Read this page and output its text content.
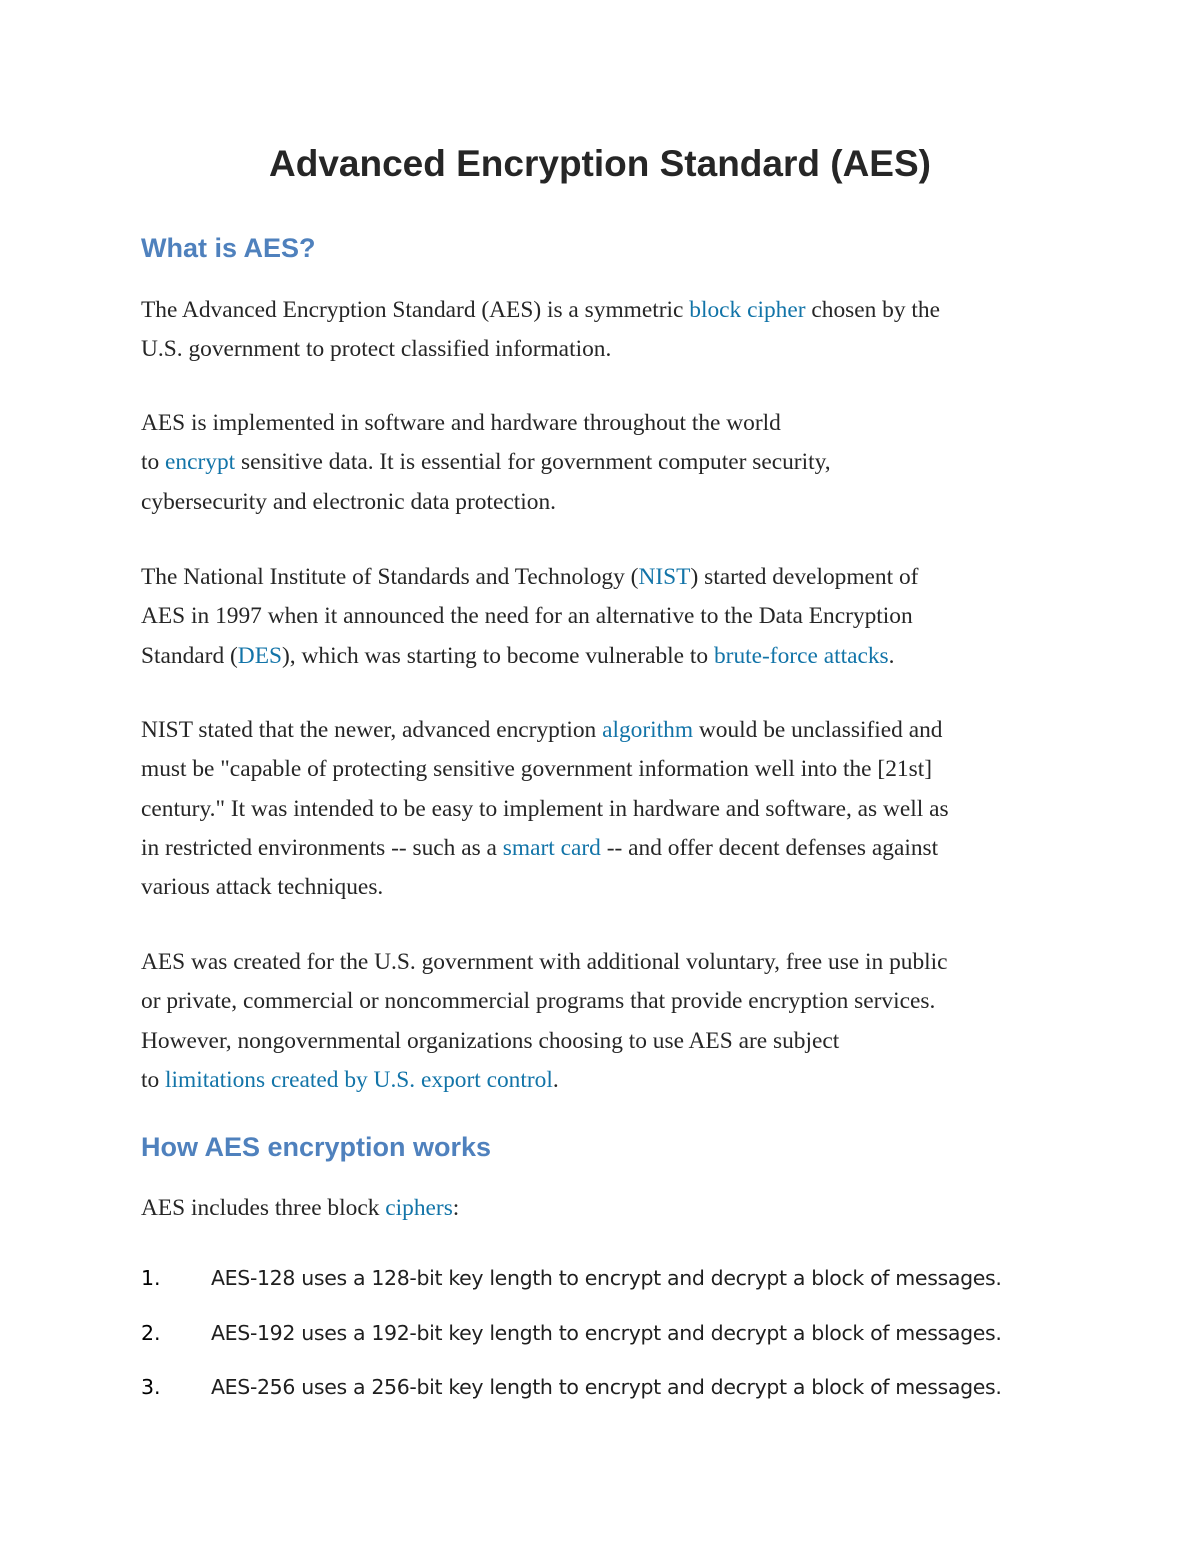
Advanced Encryption Standard (AES)
What is AES?

The Advanced Encryption Standard (AES) is a symmetric block cipher chosen by the
U.S. government to protect classified information.

AES is implemented in software and hardware throughout the world
to encrypt sensitive data. It is essential for government computer security,
cybersecurity and electronic data protection.

The National Institute of Standards and Technology (NIST) started development of
AES in 1997 when it announced the need for an alternative to the Data Encryption
Standard (DES), which was starting to become vulnerable to brute-force attacks.

NIST stated that the newer, advanced encryption algorithm would be unclassified and
must be "capable of protecting sensitive government information well into the [21st]
century." It was intended to be easy to implement in hardware and software, as well as
in restricted environments -- such as a smart card -- and offer decent defenses against
various attack techniques.

AES was created for the U.S. government with additional voluntary, free use in public
or private, commercial or noncommercial programs that provide encryption services.
However, nongovernmental organizations choosing to use AES are subject
to limitations created by U.S. export control.

How AES encryption works

AES includes three block ciphers:

1. AES-128 uses a 128-bit key length to encrypt and decrypt a block of messages.
2. AES-192 uses a 192-bit key length to encrypt and decrypt a block of messages.
3. AES-256 uses a 256-bit key length to encrypt and decrypt a block of messages.
